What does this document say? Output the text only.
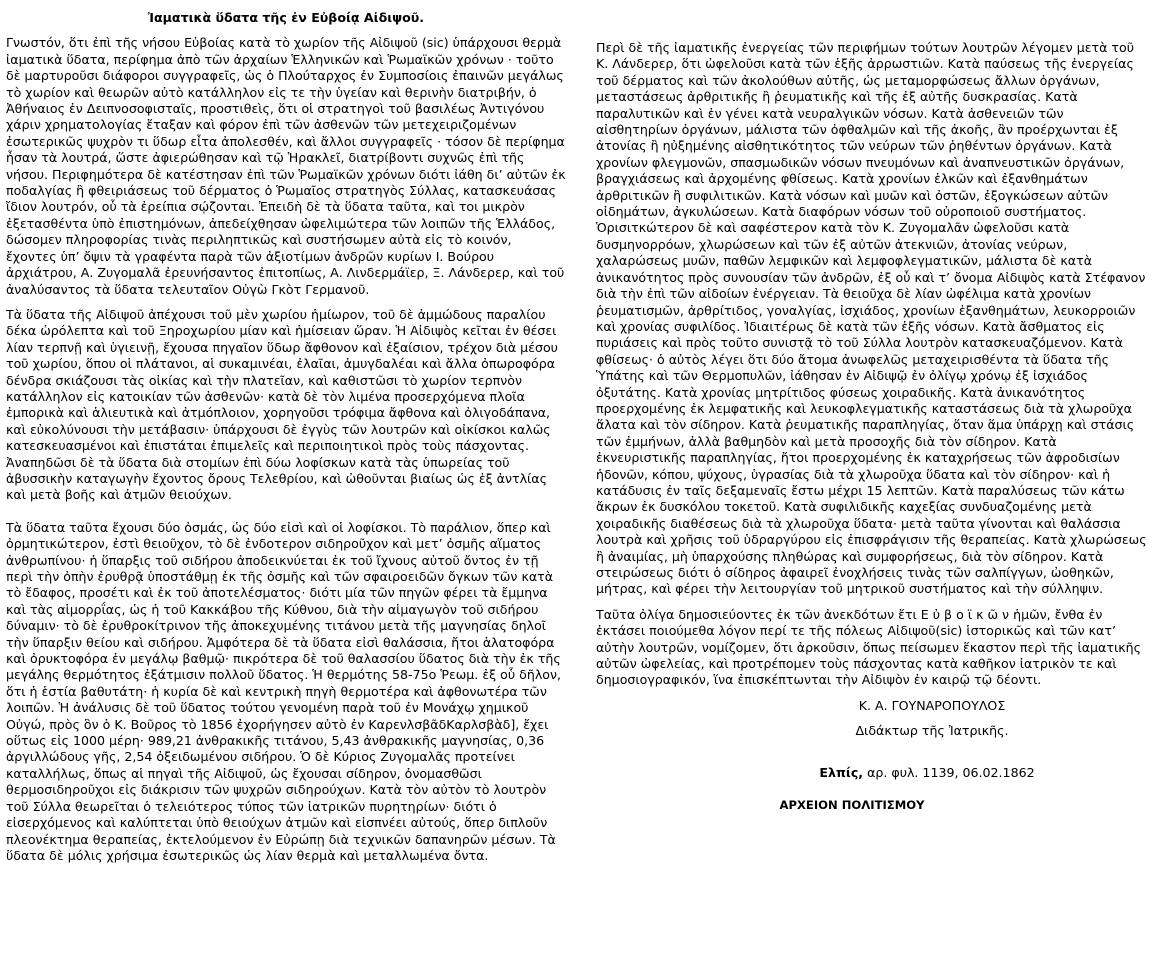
Ἰαματικὰ ὕδατα τῆς ἐν Εὐβοίᾳ Αἰδιψοῦ.

Γνωστόν, ὅτι ἐπὶ τῆς νήσου Εὐβοίας κατὰ τὸ χωρίον τῆς Αἰδιψοῦ (sic) ὑπάρχουσι θερμὰ ἰαματικὰ ὕδατα, περίφημα ἀπὸ τῶν ἀρχαίων Ἑλληνικῶν καὶ Ῥωμαϊκῶν χρόνων · τοῦτο δὲ μαρτυροῦσι διάφοροι συγγραφεῖς, ὡς ὁ Πλούταρχος ἐν Συμποσίοις ἐπαινῶν μεγάλως τὸ χωρίον καὶ θεωρῶν αὐτὸ κατάλληλον εἰς τε τὴν ὑγείαν καὶ θερινὴν διατριβήν, ὁ Ἀθήναιος ἐν Δειπνοσοφισταῖς, προστιθεὶς, ὅτι οἱ στρατηγοὶ τοῦ βασιλέως Ἀντιγόνου χάριν χρηματολογίας ἔταξαν καὶ φόρον ἐπὶ τῶν ἀσθενῶν τῶν μετεχειριζομένων ἐσωτερικῶς ψυχρὸν τι ὕδωρ εἶτα ἀπολεσθέν, καὶ ἄλλοι συγγραφεῖς · τόσον δὲ περίφημα ἦσαν τὰ λουτρά, ὥστε ἀφιερώθησαν καὶ τῷ Ἡρακλεῖ, διατρίβοντι συχνῶς ἐπὶ τῆς νήσου. Περιφημότερα δὲ κατέστησαν ἐπὶ τῶν Ῥωμαϊκῶν χρόνων διότι ἰάθη δι’ αὐτῶν ἐκ ποδαλγίας ἢ φθειριάσεως τοῦ δέρματος ὁ Ῥωμαῖος στρατηγὸς Σύλλας, κατασκευάσας ἴδιον λουτρόν, οὗ τὰ ἐρείπια σῴζονται. Ἐπειδὴ δὲ τὰ ὕδατα ταῦτα, καὶ τοι μικρὸν ἐξετασθέντα ὑπὸ ἐπιστημόνων, ἀπεδείχθησαν ὠφελιμώτερα τῶν λοιπῶν τῆς Ἑλλάδος, δώσομεν πληροφορίας τινὰς περιληπτικῶς καὶ συστήσωμεν αὐτὰ εἰς τὸ κοινόν, ἔχοντες ὑπ’ ὄψιν τὰ γραφέντα παρὰ τῶν ἀξιοτίμων ἀνδρῶν κυρίων Ι. Βούρου ἀρχιάτρου, Α. Ζυγομαλᾶ ἐρευνήσαντος ἐπιτοπίως, Α. Λινδερμάϊερ, Ξ. Λάνδερερ, καὶ τοῦ ἀναλύσαντος τὰ ὕδατα τελευταῖον Οὐγὼ Γκὸτ Γερμανοῦ.

Τὰ ὕδατα τῆς Αἰδιψοῦ ἀπέχουσι τοῦ μὲν χωρίου ἡμίωρον, τοῦ δὲ ἀμμώδους παραλίου δέκα ὡρόλεπτα καὶ τοῦ Ξηροχωρίου μίαν καὶ ἡμίσειαν ὥραν. Ἡ Αἰδιψὸς κεῖται ἐν θέσει λίαν τερπνῇ καὶ ὑγιεινῇ, ἔχουσα πηγαῖον ὕδωρ ἄφθονον καὶ ἐξαίσιον, τρέχον διὰ μέσου τοῦ χωρίου, ὅπου οἱ πλάτανοι, αἱ συκαμινέαι, ἐλαῖαι, ἀμυγδαλέαι καὶ ἄλλα ὀπωροφόρα δένδρα σκιάζουσι τὰς οἰκίας καὶ τὴν πλατεῖαν, καὶ καθιστῶσι τὸ χωρίον τερπνὸν κατάλληλον εἰς κατοικίαν τῶν ἀσθενῶν· κατὰ δὲ τὸν λιμένα προσερχόμενα πλοῖα ἐμπορικὰ καὶ ἁλιευτικὰ καὶ ἀτμόπλοιον, χορηγοῦσι τρόφιμα ἄφθονα καὶ ὀλιγοδάπανα, καὶ εὐκολύνουσι τὴν μετάβασιν· ὑπάρχουσι δὲ ἐγγὺς τῶν λουτρῶν καὶ οἰκίσκοι καλῶς κατεσκευασμένοι καὶ ἐπιστάται ἐπιμελεῖς καὶ περιποιητικοὶ πρὸς τοὺς πάσχοντας. Ἀναπηδῶσι δὲ τὰ ὕδατα διὰ στομίων ἐπὶ δύω λοφίσκων κατὰ τὰς ὑπωρείας τοῦ ἀβυσσικὴν καταγωγὴν ἔχοντος ὄρους Τελεθρίου, καὶ ὠθοῦνται βιαίως ὡς ἐξ ἀντλίας καὶ μετὰ βοῆς καὶ ἀτμῶν θειούχων.

Τὰ ὕδατα ταῦτα ἔχουσι δύο ὀσμάς, ὡς δύο εἰσὶ καὶ οἱ λοφίσκοι. Τὸ παράλιον, ὅπερ καὶ ὀρμητικώτερον, ἐστὶ θειοῦχον, τὸ δὲ ἐνδοτερον σιδηροῦχον καὶ μετ’ ὀσμῆς αἵματος ἀνθρωπίνου· ἡ ὕπαρξις τοῦ σιδήρου ἀποδεικνύεται ἐκ τοῦ ἴχνους αὐτοῦ ὄντος ἐν τῇ περὶ τὴν ὀπὴν ἐρυθρᾷ ὑποστάθμῃ ἐκ τῆς ὀσμῆς καὶ τῶν σφαιροειδῶν ὄγκων τῶν κατὰ τὸ ἔδαφος, προσέτι καὶ ἐκ τοῦ ἀποτελέσματος· διότι μία τῶν πηγῶν φέρει τὰ ἔμμηνα καὶ τὰς αἱμορρΐας, ὡς ἡ τοῦ Κακκάβου τῆς Κύθνου, διὰ τὴν αἱμαγωγὸν τοῦ σιδήρου δύναμιν· τὸ δὲ ἐρυθροκίτρινον τῆς ἀποκεχυμένης τιτάνου μετὰ τῆς μαγνησίας δηλοῖ τὴν ὕπαρξιν θείου καὶ σιδήρου. Ἀμφότερα δὲ τὰ ὕδατα εἰσὶ θαλάσσια, ἤτοι ἁλατοφόρα καὶ ὀρυκτοφόρα ἐν μεγάλῳ βαθμῷ· πικρότερα δὲ τοῦ θαλασσίου ὕδατος διὰ τὴν ἐκ τῆς μεγάλης θερμότητος ἐξάτμισιν πολλοῦ ὕδατος. Ἡ θερμότης 58-75ο Ῥεωμ. ἐξ οὗ δῆλον, ὅτι ἡ ἑστία βαθυτάτη· ἡ κυρία δὲ καὶ κεντρικὴ πηγὴ θερμοτέρα καὶ ἀφθονωτέρα τῶν λοιπῶν. Ἡ ἀνάλυσις δὲ τοῦ ὕδατος τούτου γενομένη παρὰ τοῦ ἐν Μονάχῳ χημικοῦ Οὐγώ, πρὸς ὃν ὁ Κ. Βοῦρος τὸ 1856 ἐχορήγησεν αὐτὸ ἐν ΚαρενλσβᾶδΚαρλσβὰδ], ἔχει οὕτως εἰς 1000 μέρη· 989,21 ἀνθρακικῆς τιτάνου, 5,43 ἀνθρακικῆς μαγνησίας, 0,36 ἀργιλλώδους γῆς, 2,54 ὀξειδωμένου σιδήρου. Ὁ δὲ Κύριος Ζυγομαλᾶς προτείνει καταλλήλως, ὅπως αἱ πηγαὶ τῆς Αἰδιψοῦ, ὡς ἔχουσαι σίδηρον, ὀνομασθῶσι θερμοσιδηροῦχοι εἰς διάκρισιν τῶν ψυχρῶν σιδηρούχων. Κατὰ τὸν αὐτὸν τὸ λουτρὸν τοῦ Σύλλα θεωρεῖται ὁ τελειότερος τύπος τῶν ἰατρικῶν πυρητηρίων· διότι ὁ εἰσερχόμενος καὶ καλύπτεται ὑπὸ θειούχων ἀτμῶν καὶ εἰσπνέει αὐτούς, ὅπερ διπλοῦν πλεονέκτημα θεραπείας, ἐκτελούμενον ἐν Εὐρώπῃ διὰ τεχνικῶν δαπανηρῶν μέσων. Τὰ ὕδατα δὲ μόλις χρήσιμα ἐσωτερικῶς ὡς λίαν θερμὰ καὶ μεταλλωμένα ὄντα.

Περὶ δὲ τῆς ἰαματικῆς ἐνεργείας τῶν περιφήμων τούτων λουτρῶν λέγομεν μετὰ τοῦ Κ. Λάνδερερ, ὅτι ὠφελοῦσι κατὰ τῶν ἑξῆς ἀρρωστιῶν. Κατὰ παύσεως τῆς ἐνεργείας τοῦ δέρματος καὶ τῶν ἀκολούθων αὐτῆς, ὡς μεταμορφώσεως ἄλλων ὀργάνων, μεταστάσεως ἀρθριτικῆς ἢ ῥευματικῆς καὶ τῆς ἐξ αὐτῆς δυσκρασίας. Κατὰ παραλυτικῶν καὶ ἐν γένει κατὰ νευραλγικῶν νόσων. Κατὰ ἀσθενειῶν τῶν αἰσθητηρίων ὀργάνων, μάλιστα τῶν ὀφθαλμῶν καὶ τῆς ἀκοῆς, ἂν προέρχωνται ἐξ ἀτονίας ἢ ηὐξημένης αἰσθητικότητος τῶν νεύρων τῶν ῥηθέντων ὀργάνων. Κατὰ χρονίων φλεγμονῶν, σπασμωδικῶν νόσων πνευμόνων καὶ ἀναπνευστικῶν ὀργάνων, βραγχιάσεως καὶ ἀρχομένης φθίσεως. Κατὰ χρονίων ἑλκῶν καὶ ἐξανθημάτων ἀρθριτικῶν ἢ συφιλιτικῶν. Κατὰ νόσων καὶ μυῶν καὶ ὀστῶν, ἐξογκώσεων αὐτῶν οἰδημάτων, ἀγκυλώσεων. Κατὰ διαφόρων νόσων τοῦ οὐροποιοῦ συστήματος. Ὁρισιτκώτερον δὲ καὶ σαφέστερον κατὰ τὸν Κ. Ζυγομαλᾶν ὠφελοῦσι κατὰ δυσμηνορρόων, χλωρώσεων καὶ τῶν ἐξ αὐτῶν ἀτεκνιῶν, ἀτονίας νεύρων, χαλαρώσεως μυῶν, παθῶν λεμφικῶν καὶ λεμφοφλεγματικῶν, μάλιστα δὲ κατὰ ἀνικανότητος πρὸς συνουσίαν τῶν ἀνδρῶν, ἐξ οὗ καὶ τ’ ὄνομα Αἰδιψὸς κατὰ Στέφανον διὰ τὴν ἐπὶ τῶν αἰδοίων ἐνέργειαν. Τὰ θειοῦχα δὲ λίαν ὠφέλιμα κατὰ χρονίων ῥευματισμῶν, ἀρθρίτιδος, γοναλγίας, ἰσχιάδος, χρονίων ἐξανθημάτων, λευκορροιῶν καὶ χρονίας συφιλίδος. Ἰδιαιτέρως δὲ κατὰ τῶν ἑξῆς νόσων. Κατὰ ἄσθματος εἰς πυριάσεις καὶ πρὸς τοῦτο συνιστᾷ τὸ τοῦ Σύλλα λουτρὸν κατασκευαζόμενον. Κατὰ φθίσεως· ὁ αὐτὸς λέγει ὅτι δύο ἄτομα ἀνωφελῶς μεταχειρισθέντα τὰ ὕδατα τῆς Ὑπάτης καὶ τῶν Θερμοπυλῶν, ἰάθησαν ἐν Αἰδιψῷ ἐν ὀλίγῳ χρόνῳ ἐξ ἰσχιάδος ὀξυτάτης. Κατὰ χρονίας μητρίτιδος φύσεως χοιραδικῆς. Κατὰ ἀνικανότητος προερχομένης ἐκ λεμφατικῆς καὶ λευκοφλεγματικῆς καταστάσεως διὰ τὰ χλωροῦχα ἅλατα καὶ τὸν σίδηρον. Κατὰ ῥευματικῆς παραπληγίας, ὅταν ἅμα ὑπάρχῃ καὶ στάσις τῶν ἐμμήνων, ἀλλὰ βαθμηδὸν καὶ μετὰ προσοχῆς διὰ τὸν σίδηρον. Κατὰ ἐκνευριστικῆς παραπληγίας, ἤτοι προερχομένης ἐκ καταχρήσεως τῶν ἀφροδισίων ἡδονῶν, κόπου, ψύχους, ὑγρασίας διὰ τὰ χλωροῦχα ὕδατα καὶ τὸν σίδηρον· καὶ ἡ κατάδυσις ἐν ταῖς δεξαμεναῖς ἔστω μέχρι 15 λεπτῶν. Κατὰ παραλύσεως τῶν κάτω ἄκρων ἐκ δυσκόλου τοκετοῦ. Κατὰ συφιλιδικῆς καχεξίας συνδυαζομένης μετὰ χοιραδικῆς διαθέσεως διὰ τὰ χλωροῦχα ὕδατα· μετὰ ταῦτα γίνονται καὶ θαλάσσια λουτρὰ καὶ χρῆσις τοῦ ὑδραργύρου εἰς ἐπισφράγισιν τῆς θεραπείας. Κατὰ χλωρώσεως ἢ ἀναιμίας, μὴ ὑπαρχούσης πληθώρας καὶ συμφορήσεως, διὰ τὸν σίδηρον. Κατὰ στειρώσεως διότι ὁ σίδηρος ἀφαιρεῖ ἐνοχλήσεις τινὰς τῶν σαλπίγγων, ὠοθηκῶν, μήτρας, καὶ φέρει τὴν λειτουργίαν τοῦ μητρικοῦ συστήματος καὶ τὴν σύλληψιν.

Ταῦτα ὀλίγα δημοσιεύοντες ἐκ τῶν ἀνεκδότων ἔτι Ε ὐ β ο ϊ κ ῶ ν ἡμῶν, ἔνθα ἐν ἐκτάσει ποιούμεθα λόγον περί τε τῆς πόλεως Αἰδιψοῦ(sic) ἱστορικῶς καὶ τῶν κατ’ αὐτὴν λουτρῶν, νομίζομεν, ὅτι ἀρκοῦσιν, ὅπως πείσωμεν ἕκαστον περὶ τῆς ἰαματικῆς αὐτῶν ὠφελείας, καὶ προτρέπομεν τοὺς πάσχοντας κατὰ καθῆκον ἰατρικὸν τε καὶ δημοσιογραφικόν, ἵνα ἐπισκέπτωνται τὴν Αἰδιψὸν ἐν καιρῷ τῷ δέοντι.

Κ. Α. ΓΟΥΝΑΡΟΠΟΥΛΟΣ

Διδάκτωρ τῆς Ἰατρικῆς.

Ελπίς, αρ. φυλ. 1139, 06.02.1862

ΑΡΧΕΙΟΝ ΠΟΛΙΤΙΣΜΟΥ
